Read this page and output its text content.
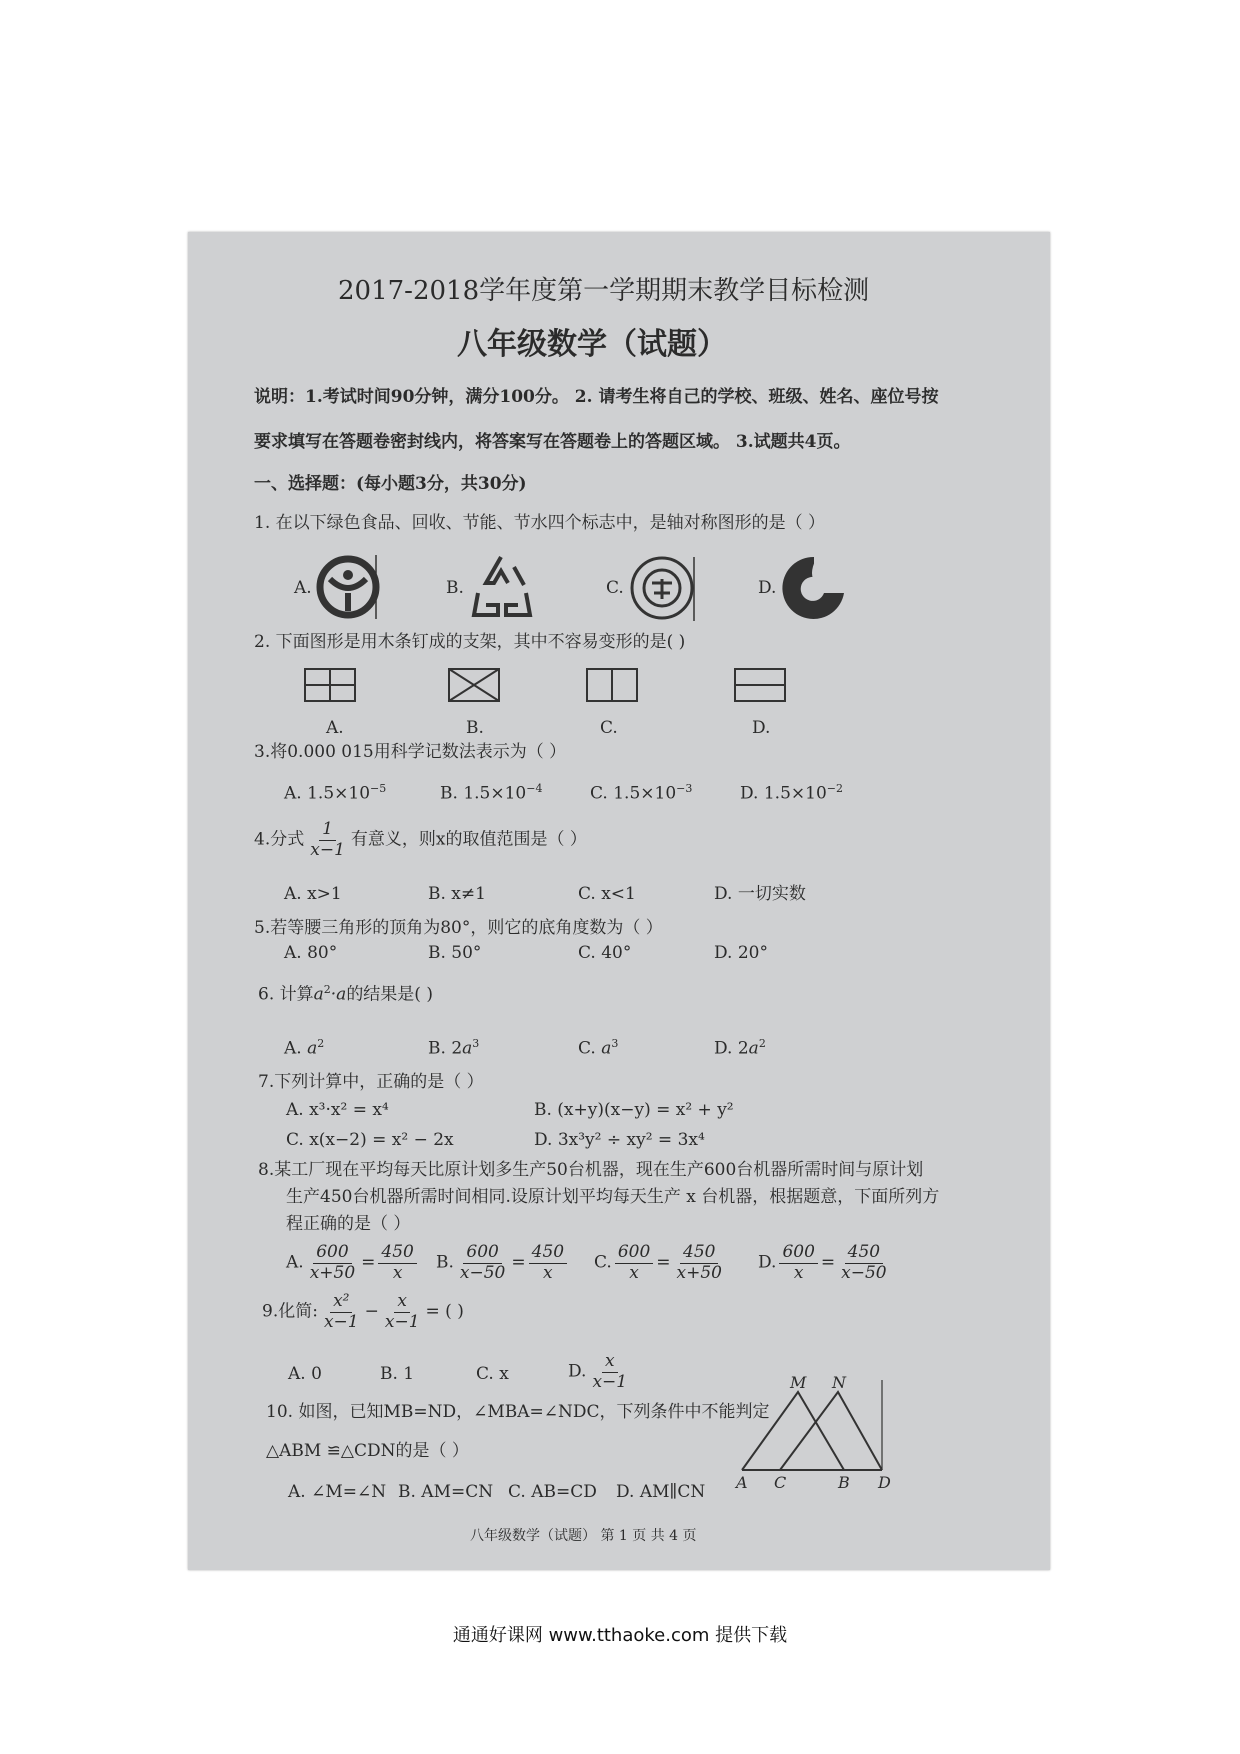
2017-2018学年度第一学期期末教学目标检测
八年级数学（试题）
说明：1.考试时间90分钟，满分100分。 2. 请考生将自己的学校、班级、姓名、座位号按
要求填写在答题卷密封线内，将答案写在答题卷上的答题区域。 3.试题共4页。
一、选择题：(每小题3分，共30分)
1. 在以下绿色食品、回收、节能、节水四个标志中，是轴对称图形的是（ ）
A.	B.	C.	D.
2. 下面图形是用木条钉成的支架，其中不容易变形的是( )
A.	B.	C.	D.
3.将0.000 015用科学记数法表示为（ ）
A. $1.5\times 10^{-5}$	B. $1.5\times 10^{-4}$	C. $1.5\times 10^{-3}$	D. $1.5\times 10^{-2}$
4.分式 $\frac{1}{x-1}$ 有意义，则x的取值范围是（ ）
A. x>1	B. x≠1	C. x<1	D. 一切实数
5.若等腰三角形的顶角为80°，则它的底角度数为（ ）
A. 80°	B. 50°	C. 40°	D. 20°
6. 计算$a^2\cdot a$的结果是( )
A. $a^2$	B. $2a^3$	C. $a^3$	D. $2a^2$
7.下列计算中，正确的是（ ）
A. x³·x² = x⁴	B. (x+y)(x−y) = x² + y²
C. x(x−2) = x² − 2x	D. 3x³y² ÷ xy² = 3x⁴
8.某工厂现在平均每天比原计划多生产50台机器，现在生产600台机器所需时间与原计划
生产450台机器所需时间相同.设原计划平均每天生产 x 台机器，根据题意，下面所列方
程正确的是（ ）
A. $\frac{600}{x+50} = \frac{450}{x} B$. $\frac{600}{x-50} = \frac{450}{x} C$. $\frac{600}{x} = \frac{450}{x+50} D$. $\frac{600}{x} = \frac{450}{x-50}$
9.化简: $\frac{\text{x²}}{x-1} - \frac{x}{x-1}$ = ( )
A. 0	B. 1	C. x	D. $\frac{x}{x-1}$
10. 如图，已知MB=ND，∠MBA=∠NDC，下列条件中不能判定
△ABM ≌△CDN的是（ ）
A. ∠M=∠N B. AM=CN C. AB=CD D. AM∥CN
M N
A C	B D
八年级数学（试题） 第 1 页 共 4 页
通通好课网 www.tthaoke.com 提供下载
